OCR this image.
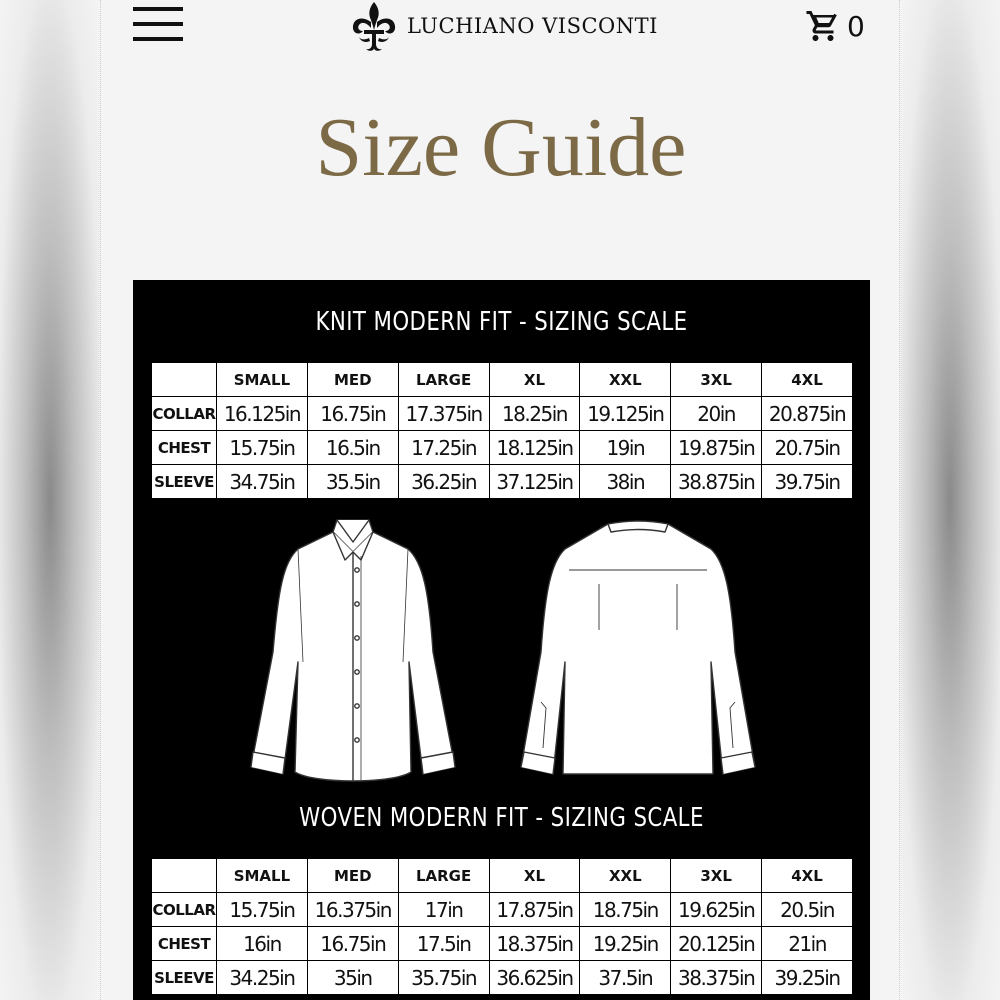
LUCHIANO VISCONTI	0
Size Guide
KNIT MODERN FIT - SIZING SCALE
	SMALL	MED	LARGE	XL	XXL	3XL	4XL
COLLAR	16.125in	16.75in	17.375in	18.25in	19.125in	20in	20.875in
CHEST	15.75in	16.5in	17.25in	18.125in	19in	19.875in	20.75in
SLEEVE	34.75in	35.5in	36.25in	37.125in	38in	38.875in	39.75in
WOVEN MODERN FIT - SIZING SCALE
	SMALL	MED	LARGE	XL	XXL	3XL	4XL
COLLAR	15.75in	16.375in	17in	17.875in	18.75in	19.625in	20.5in
CHEST	16in	16.75in	17.5in	18.375in	19.25in	20.125in	21in
SLEEVE	34.25in	35in	35.75in	36.625in	37.5in	38.375in	39.25in
